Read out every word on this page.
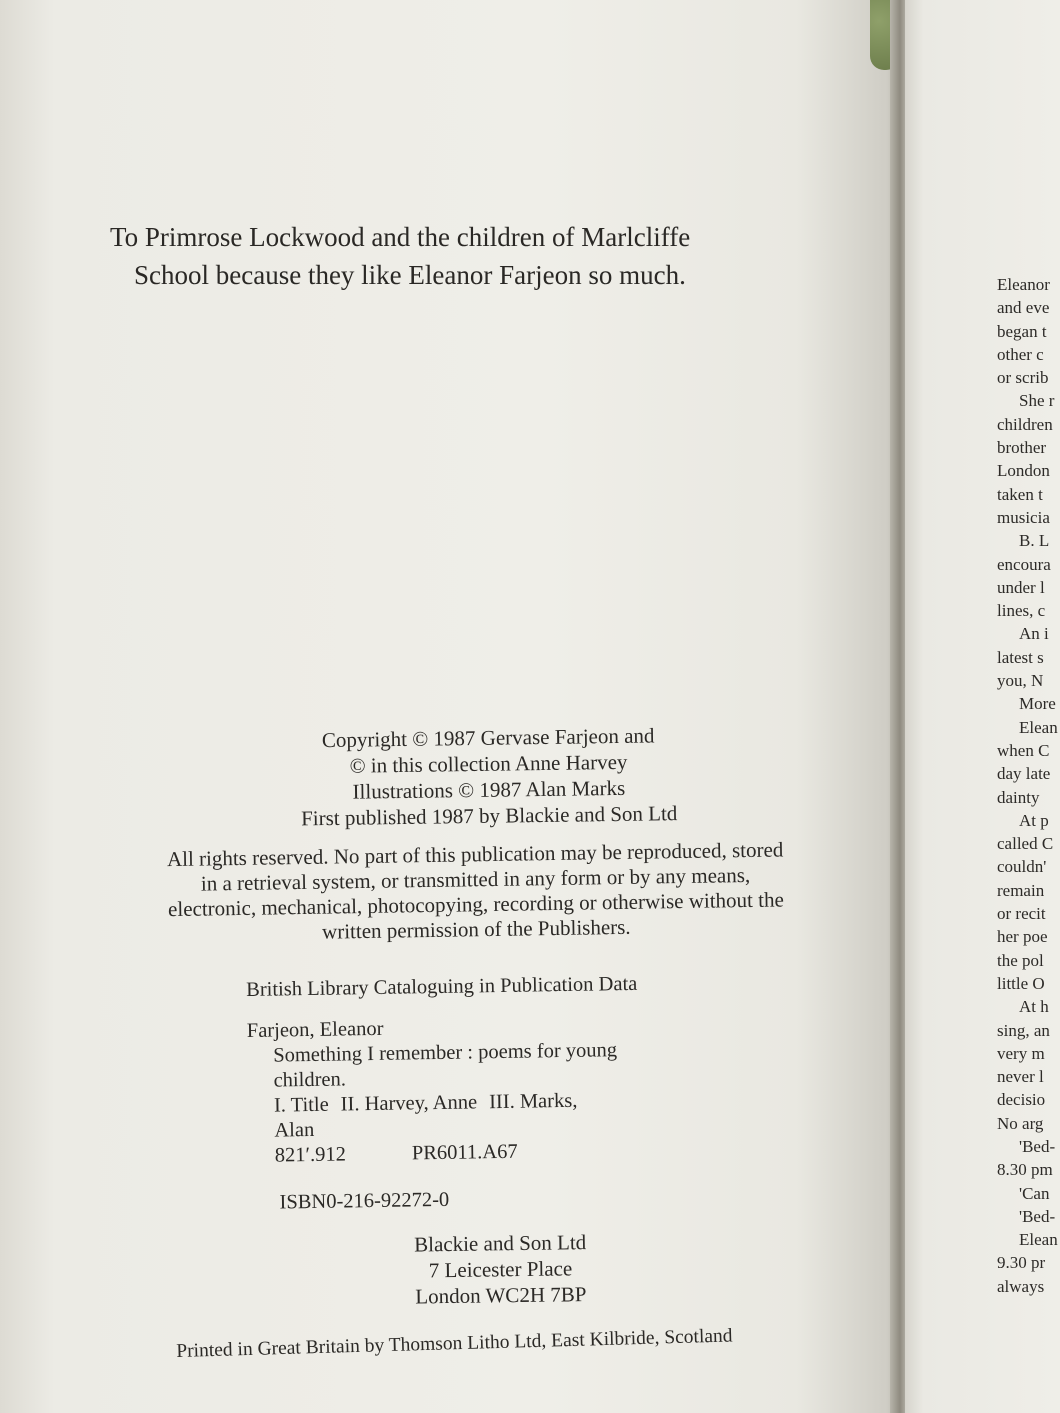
To Primrose Lockwood and the children of Marlcliffe
School because they like Eleanor Farjeon so much.
Copyright © 1987 Gervase Farjeon and
© in this collection Anne Harvey
Illustrations © 1987 Alan Marks
First published 1987 by Blackie and Son Ltd
All rights reserved. No part of this publication may be reproduced, stored
in a retrieval system, or transmitted in any form or by any means,
electronic, mechanical, photocopying, recording or otherwise without the
written permission of the Publishers.
British Library Cataloguing in Publication Data
Farjeon, Eleanor
Something I remember : poems for young
children.
I. Title II. Harvey, Anne III. Marks,
Alan
821′.912	PR6011.A67
ISBN0-216-92272-0
Blackie and Son Ltd
7 Leicester Place
London WC2H 7BP
Printed in Great Britain by Thomson Litho Ltd, East Kilbride, Scotland
Eleanor
and eve
began t
other c
or scrib
She r
children
brother
London
taken t
musicia
B. L
encoura
under l
lines, c
An i
latest s
you, N
More
Elean
when C
day late
dainty
At p
called C
couldn'
remain
or recit
her poe
the pol
little O
At h
sing, an
very m
never l
decisio
No arg
'Bed-
8.30 pm
'Can
'Bed-
Elean
9.30 pr
always
